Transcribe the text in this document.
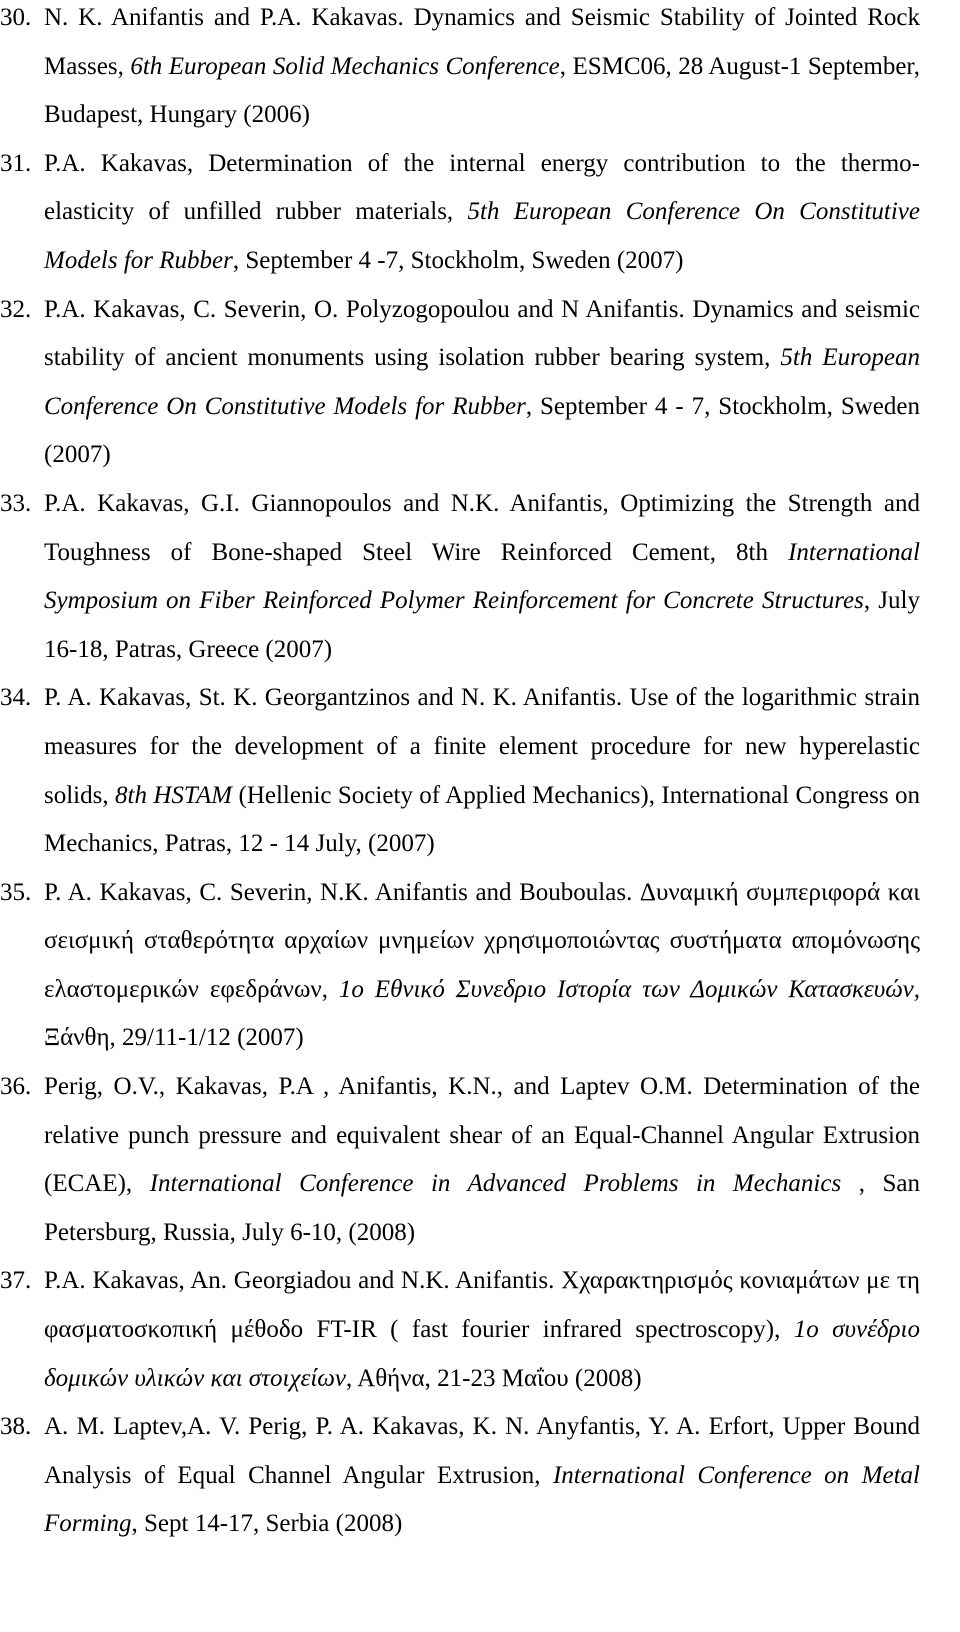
30. N. K. Anifantis and P.A. Kakavas. Dynamics and Seismic Stability of Jointed Rock Masses, 6th European Solid Mechanics Conference, ESMC06, 28 August-1 September, Budapest, Hungary (2006)
31. P.A. Kakavas, Determination of the internal energy contribution to the thermo-elasticity of unfilled rubber materials, 5th European Conference On Constitutive Models for Rubber, September 4 -7, Stockholm, Sweden (2007)
32. P.A. Kakavas, C. Severin, O. Polyzogopoulou and N Anifantis. Dynamics and seismic stability of ancient monuments using isolation rubber bearing system, 5th European Conference On Constitutive Models for Rubber, September 4 - 7, Stockholm, Sweden (2007)
33. P.A. Kakavas, G.I. Giannopoulos and N.K. Anifantis, Optimizing the Strength and Toughness of Bone-shaped Steel Wire Reinforced Cement, 8th International Symposium on Fiber Reinforced Polymer Reinforcement for Concrete Structures, July 16-18, Patras, Greece (2007)
34. P. A. Kakavas, St. K. Georgantzinos and N. K. Anifantis. Use of the logarithmic strain measures for the development of a finite element procedure for new hyperelastic solids, 8th HSTAM (Hellenic Society of Applied Mechanics), International Congress on Mechanics, Patras, 12 - 14 July, (2007)
35. P. A. Kakavas, C. Severin, N.K. Anifantis and Bouboulas. Δυναμική συμπεριφορά και σεισμική σταθερότητα αρχαίων μνημείων χρησιμοποιώντας συστήματα απομόνωσης ελαστομερικών εφεδράνων, 1o Εθνικό Συνεδριο Ιστορία των Δομικών Κατασκευών, Ξάνθη, 29/11-1/12 (2007)
36. Perig, O.V., Kakavas, P.A , Anifantis, K.N., and Laptev O.M. Determination of the relative punch pressure and equivalent shear of an Equal-Channel Angular Extrusion (ECAE), International Conference in Advanced Problems in Mechanics , San Petersburg, Russia, July 6-10, (2008)
37. P.A. Kakavas, An. Georgiadou and N.K. Anifantis. Χχαρακτηρισμός κονιαμάτων με τη φασματοσκοπική μέθοδο FT-IR ( fast fourier infrared spectroscopy), 1o συνέδριο δομικών υλικών και στοιχείων, Αθήνα, 21-23 Μαΐου (2008)
38. A. M. Laptev,A. V. Perig, P. A. Kakavas, K. N. Anyfantis, Y. A. Erfort, Upper Bound Analysis of Equal Channel Angular Extrusion, International Conference on Metal Forming, Sept 14-17, Serbia (2008)
